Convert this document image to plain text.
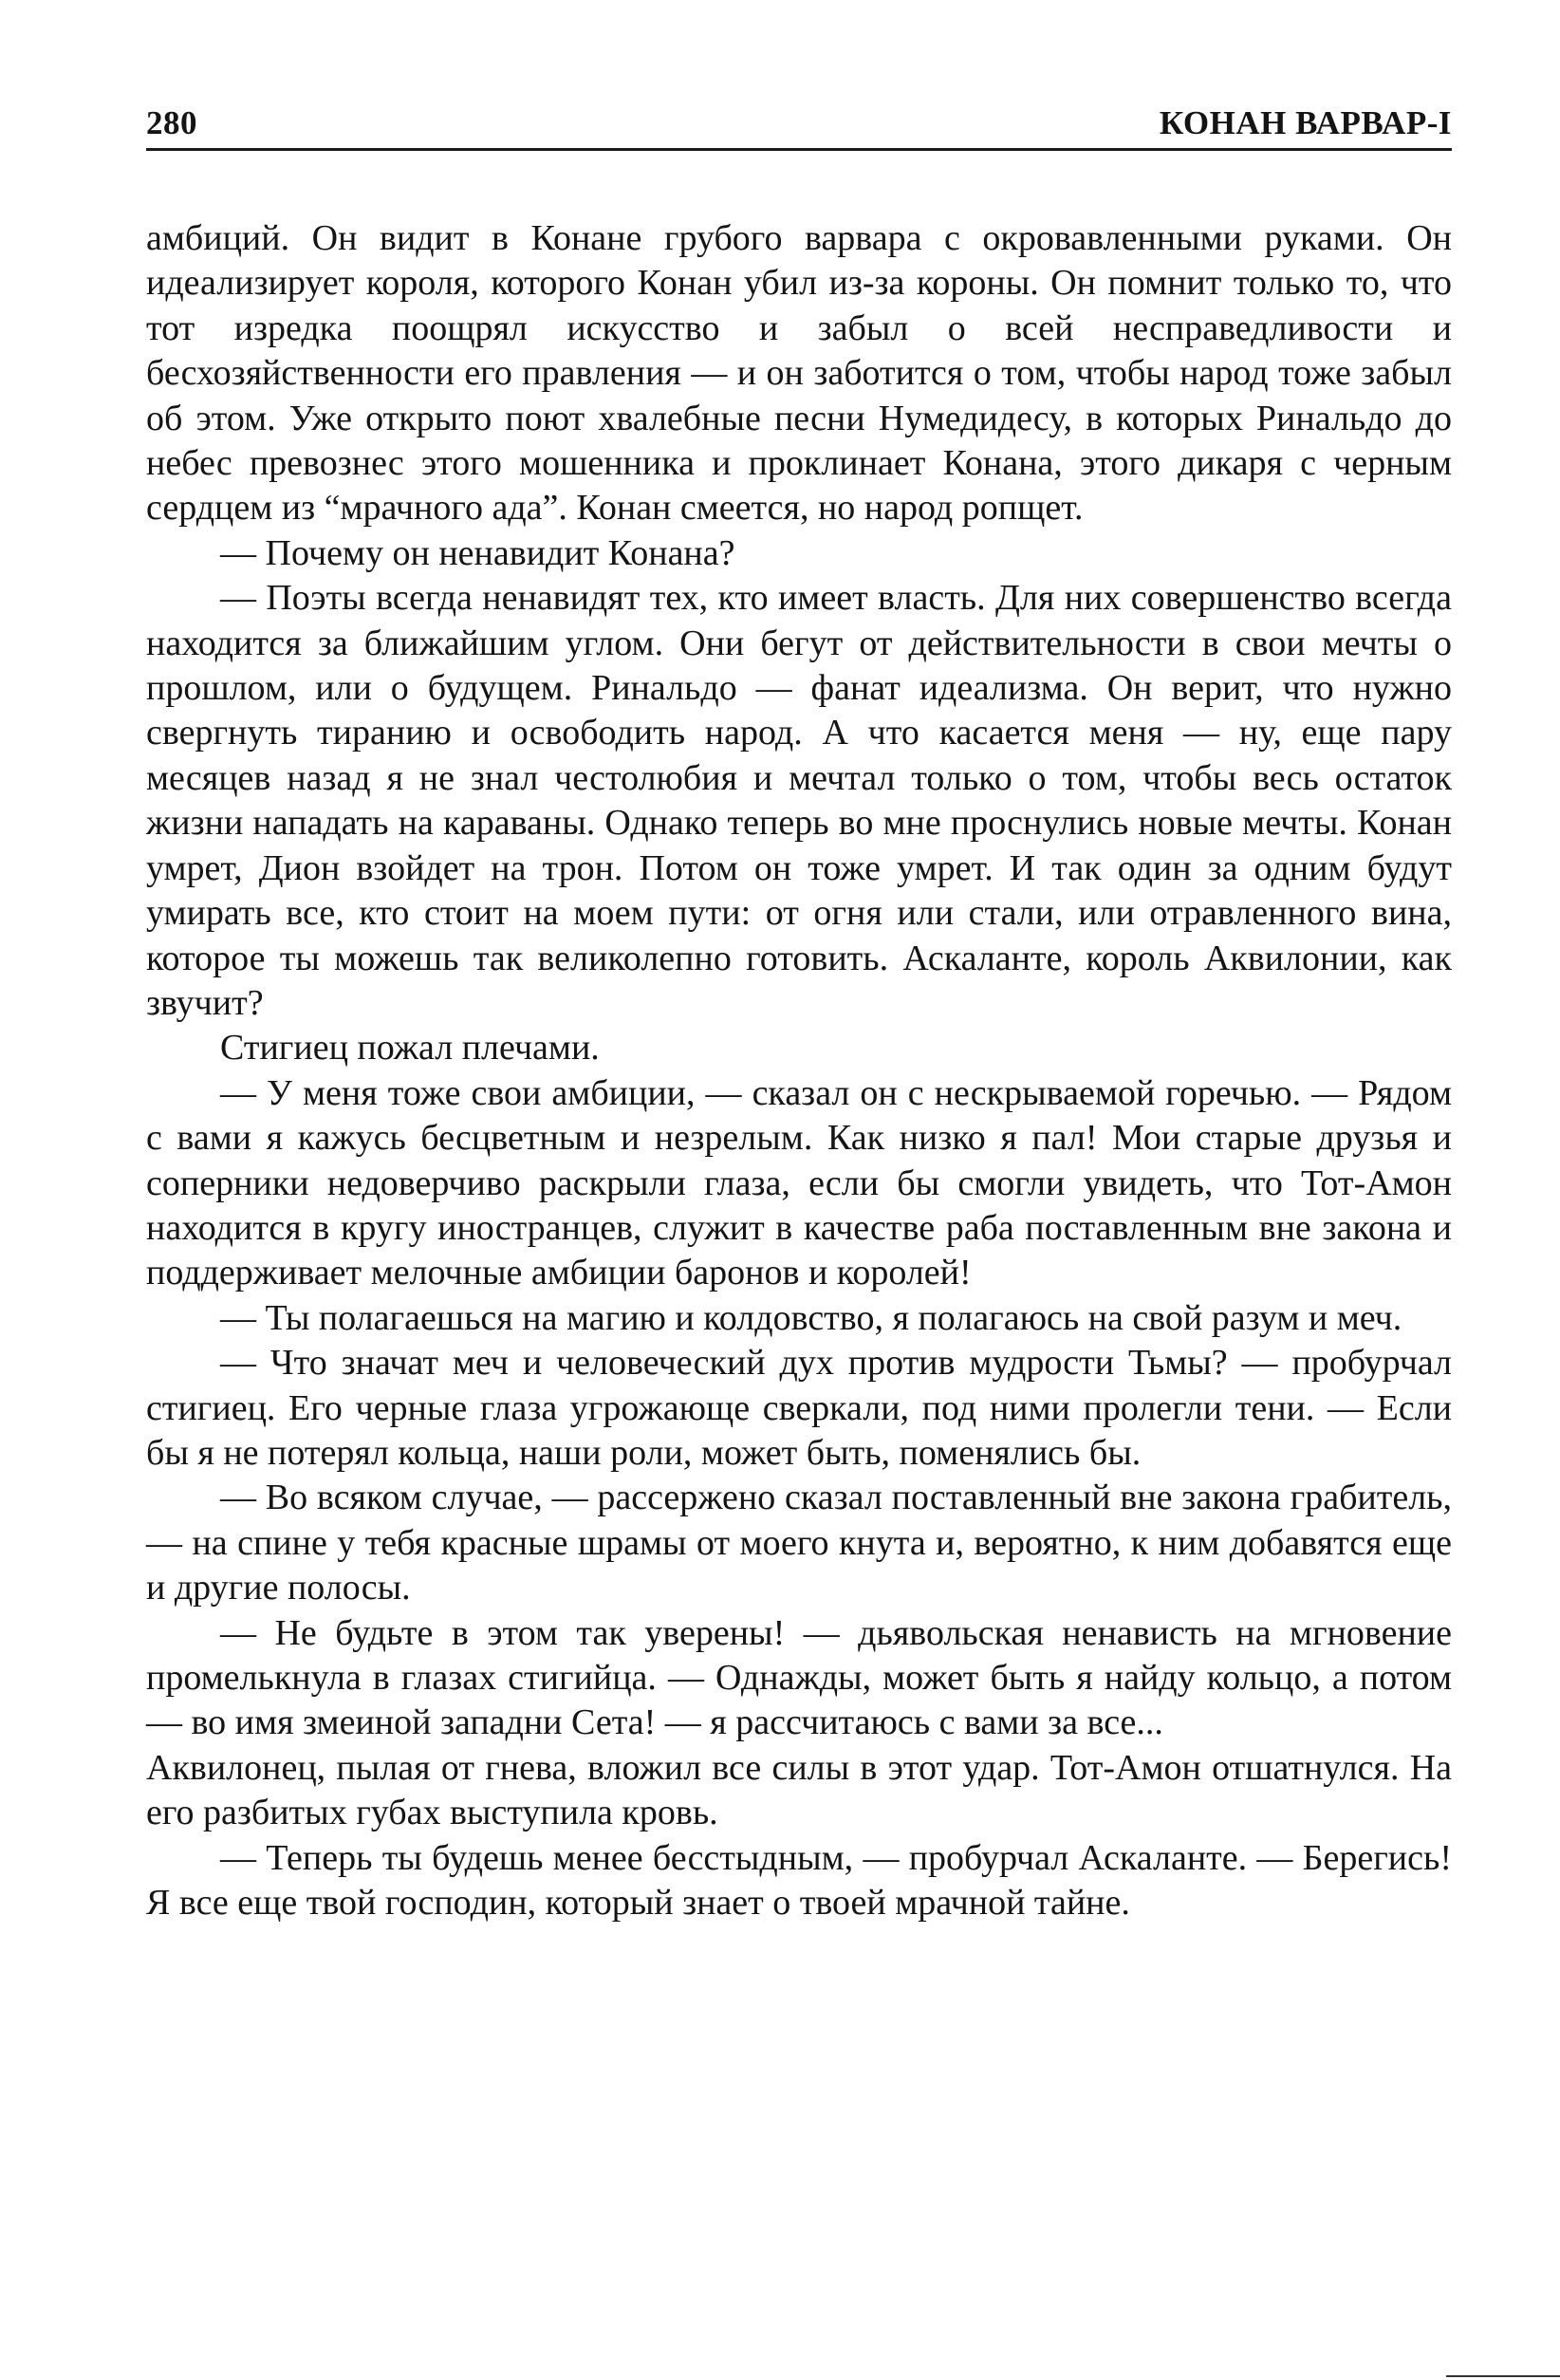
280	КОНАН ВАРВАР-I

амбиций. Он видит в Конане грубого варвара с окровавленными руками. Он идеализирует короля, которого Конан убил из-за короны. Он помнит только то, что тот изредка поощрял искусство и забыл о всей несправедливости и бесхозяйственности его правления — и он заботится о том, чтобы народ тоже забыл об этом. Уже открыто поют хвалебные песни Нумедидесу, в которых Ринальдо до небес превознес этого мошенника и проклинает Конана, этого дикаря с черным сердцем из “мрачного ада”. Конан смеется, но народ ропщет.

— Почему он ненавидит Конана?

— Поэты всегда ненавидят тех, кто имеет власть. Для них совершенство всегда находится за ближайшим углом. Они бегут от действительности в свои мечты о прошлом, или о будущем. Ринальдо — фанат идеализма. Он верит, что нужно свергнуть тиранию и освободить народ. А что касается меня — ну, еще пару месяцев назад я не знал честолюбия и мечтал только о том, чтобы весь остаток жизни нападать на караваны. Однако теперь во мне проснулись новые мечты. Конан умрет, Дион взойдет на трон. Потом он тоже умрет. И так один за одним будут умирать все, кто стоит на моем пути: от огня или стали, или отравленного вина, которое ты можешь так великолепно готовить. Аскаланте, король Аквилонии, как звучит?

Стигиец пожал плечами.

— У меня тоже свои амбиции, — сказал он с нескрываемой горечью. — Рядом с вами я кажусь бесцветным и незрелым. Как низко я пал! Мои старые друзья и соперники недоверчиво раскрыли глаза, если бы смогли увидеть, что Тот-Амон находится в кругу иностранцев, служит в качестве раба поставленным вне закона и поддерживает мелочные амбиции баронов и королей!

— Ты полагаешься на магию и колдовство, я полагаюсь на свой разум и меч.

— Что значат меч и человеческий дух против мудрости Тьмы? — пробурчал стигиец. Его черные глаза угрожающе сверкали, под ними пролегли тени. — Если бы я не потерял кольца, наши роли, может быть, поменялись бы.

— Во всяком случае, — рассержено сказал поставленный вне закона грабитель, — на спине у тебя красные шрамы от моего кнута и, вероятно, к ним добавятся еще и другие полосы.

— Не будьте в этом так уверены! — дьявольская ненависть на мгновение промелькнула в глазах стигийца. — Однажды, может быть я найду кольцо, а потом — во имя змеиной западни Сета! — я рассчитаюсь с вами за все...

Аквилонец, пылая от гнева, вложил все силы в этот удар. Тот-Амон отшатнулся. На его разбитых губах выступила кровь.

— Теперь ты будешь менее бесстыдным, — пробурчал Аскаланте. — Берегись! Я все еще твой господин, который знает о твоей мрачной тайне.
